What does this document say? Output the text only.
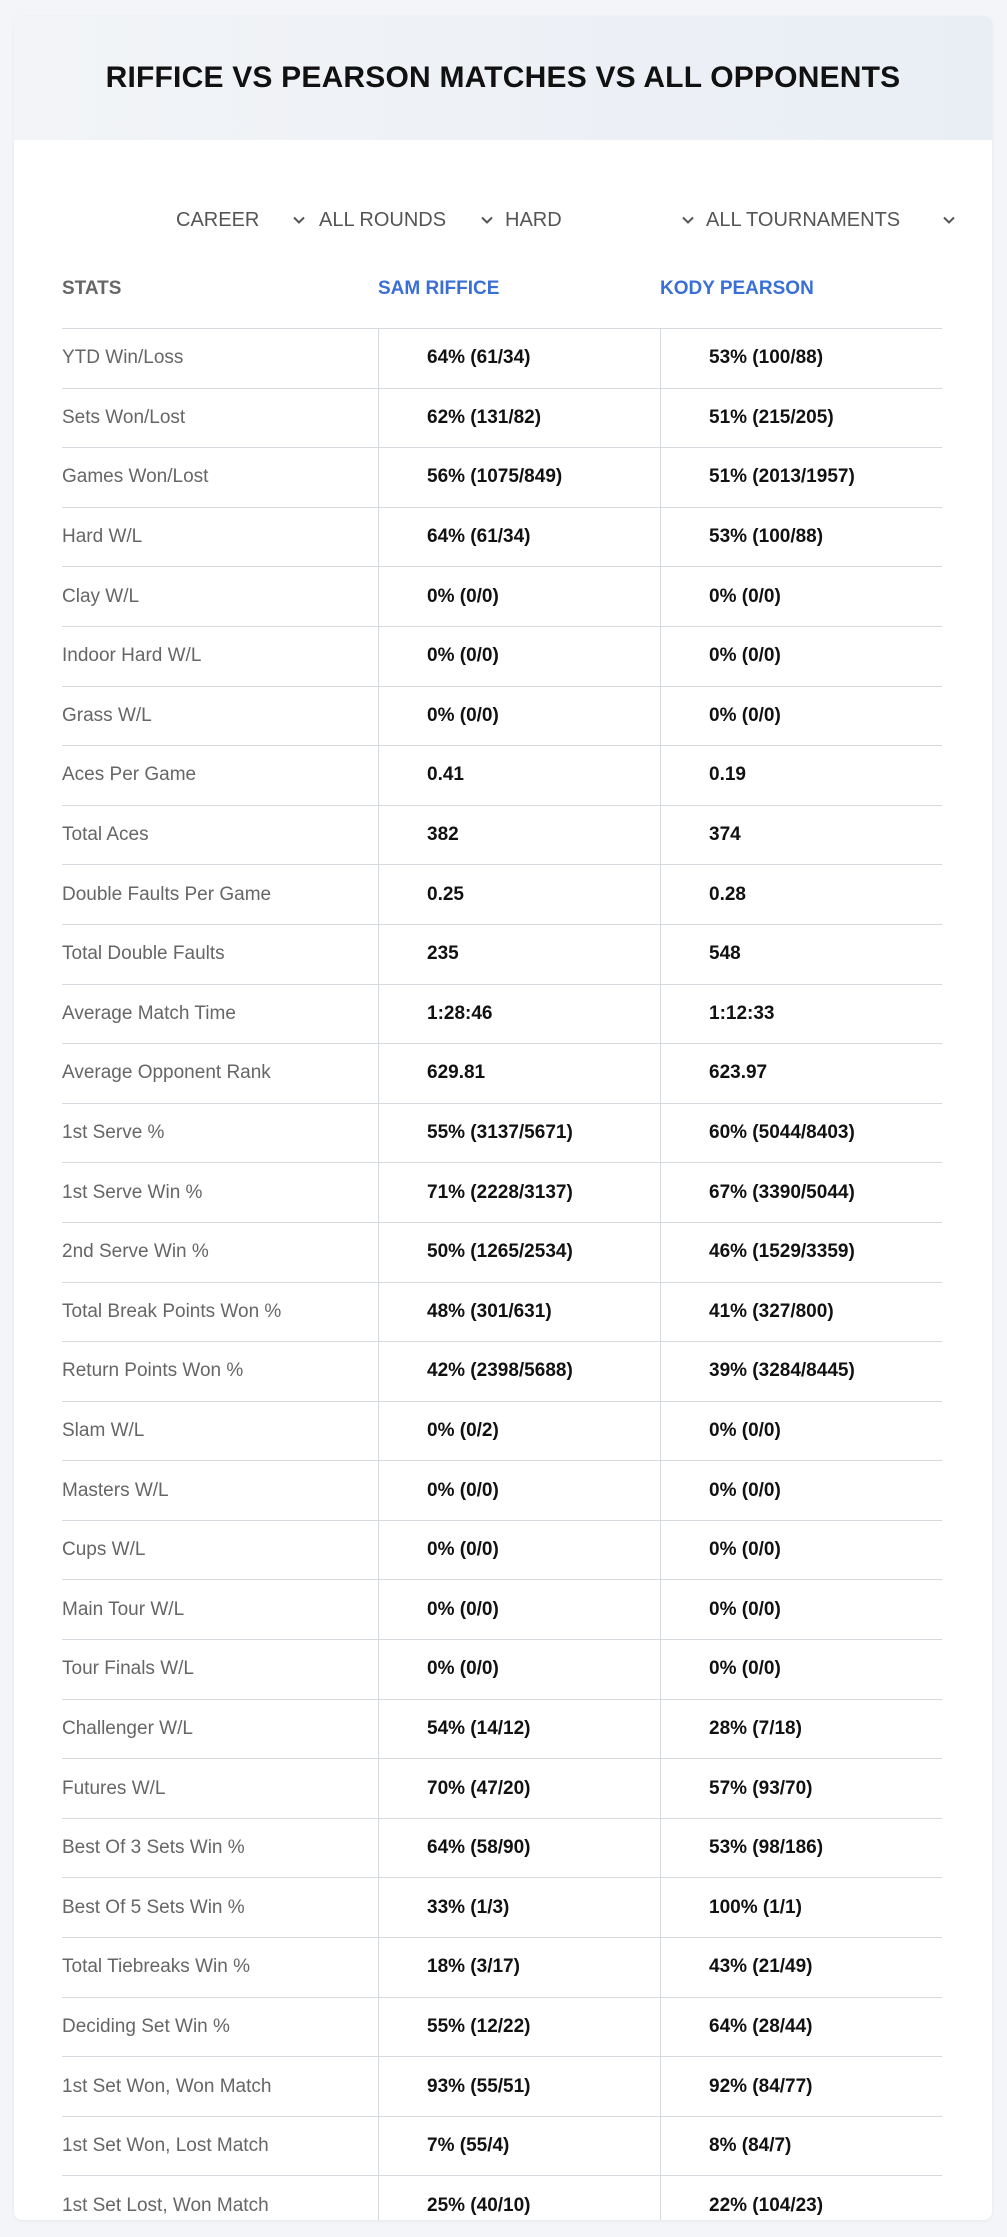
RIFFICE VS PEARSON MATCHES VS ALL OPPONENTS
CAREER	ALL ROUNDS	HARD	ALL TOURNAMENTS
STATS	SAM RIFFICE	KODY PEARSON
YTD Win/Loss	64% (61/34)	53% (100/88)
Sets Won/Lost	62% (131/82)	51% (215/205)
Games Won/Lost	56% (1075/849)	51% (2013/1957)
Hard W/L	64% (61/34)	53% (100/88)
Clay W/L	0% (0/0)	0% (0/0)
Indoor Hard W/L	0% (0/0)	0% (0/0)
Grass W/L	0% (0/0)	0% (0/0)
Aces Per Game	0.41	0.19
Total Aces	382	374
Double Faults Per Game	0.25	0.28
Total Double Faults	235	548
Average Match Time	1:28:46	1:12:33
Average Opponent Rank	629.81	623.97
1st Serve %	55% (3137/5671)	60% (5044/8403)
1st Serve Win %	71% (2228/3137)	67% (3390/5044)
2nd Serve Win %	50% (1265/2534)	46% (1529/3359)
Total Break Points Won %	48% (301/631)	41% (327/800)
Return Points Won %	42% (2398/5688)	39% (3284/8445)
Slam W/L	0% (0/2)	0% (0/0)
Masters W/L	0% (0/0)	0% (0/0)
Cups W/L	0% (0/0)	0% (0/0)
Main Tour W/L	0% (0/0)	0% (0/0)
Tour Finals W/L	0% (0/0)	0% (0/0)
Challenger W/L	54% (14/12)	28% (7/18)
Futures W/L	70% (47/20)	57% (93/70)
Best Of 3 Sets Win %	64% (58/90)	53% (98/186)
Best Of 5 Sets Win %	33% (1/3)	100% (1/1)
Total Tiebreaks Win %	18% (3/17)	43% (21/49)
Deciding Set Win %	55% (12/22)	64% (28/44)
1st Set Won, Won Match	93% (55/51)	92% (84/77)
1st Set Won, Lost Match	7% (55/4)	8% (84/7)
1st Set Lost, Won Match	25% (40/10)	22% (104/23)
